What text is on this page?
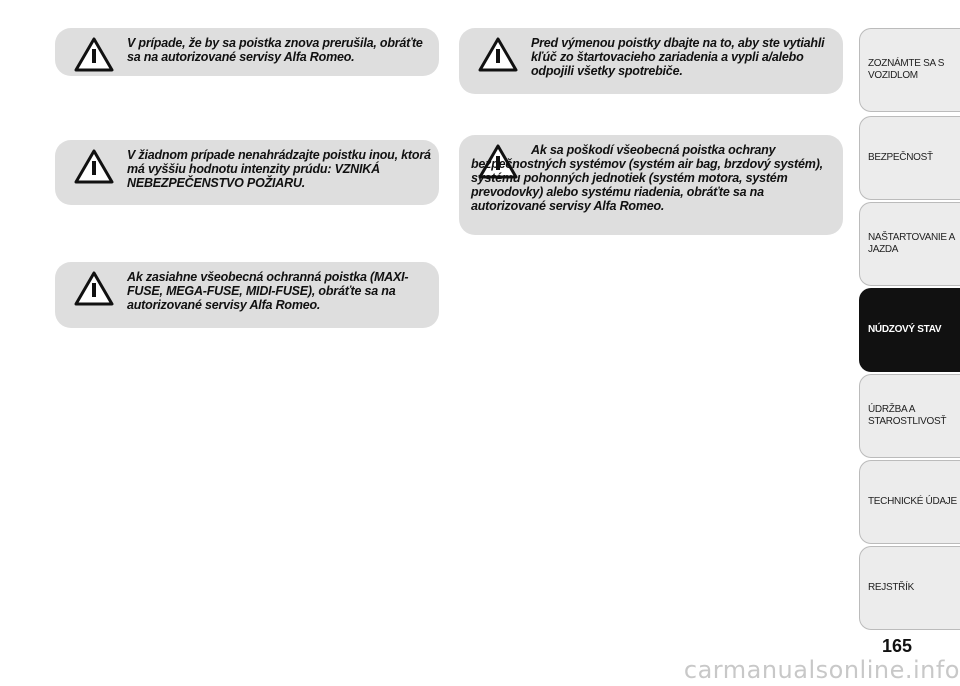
V prípade, že by sa poistka znova prerušila, obráťte sa na autorizované servisy Alfa Romeo.
V žiadnom prípade nenahrádzajte poistku inou, ktorá má vyššiu hodnotu intenzity prúdu: VZNIKÁ NEBEZPEČENSTVO POŽIARU.
Ak zasiahne všeobecná ochranná poistka (MAXI-FUSE, MEGA-FUSE, MIDI-FUSE), obráťte sa na autorizované servisy Alfa Romeo.
Pred výmenou poistky dbajte na to, aby ste vytiahli kľúč zo štartovacieho zariadenia a vypli a/alebo odpojili všetky spotrebiče.
Ak sa poškodí všeobecná poistka ochrany bezpečnostných systémov (systém air bag, brzdový systém), systému pohonných jednotiek (systém motora, systém prevodovky) alebo systému riadenia, obráťte sa na autorizované servisy Alfa Romeo.
ZOZNÁMTE SA S VOZIDLOM
BEZPEČNOSŤ
NAŠTARTOVANIE A JAZDA
NÚDZOVÝ STAV
ÚDRŽBA A STAROSTLIVOSŤ
TECHNICKÉ ÚDAJE
REJSTŘÍK
165
carmanualsonline.info
